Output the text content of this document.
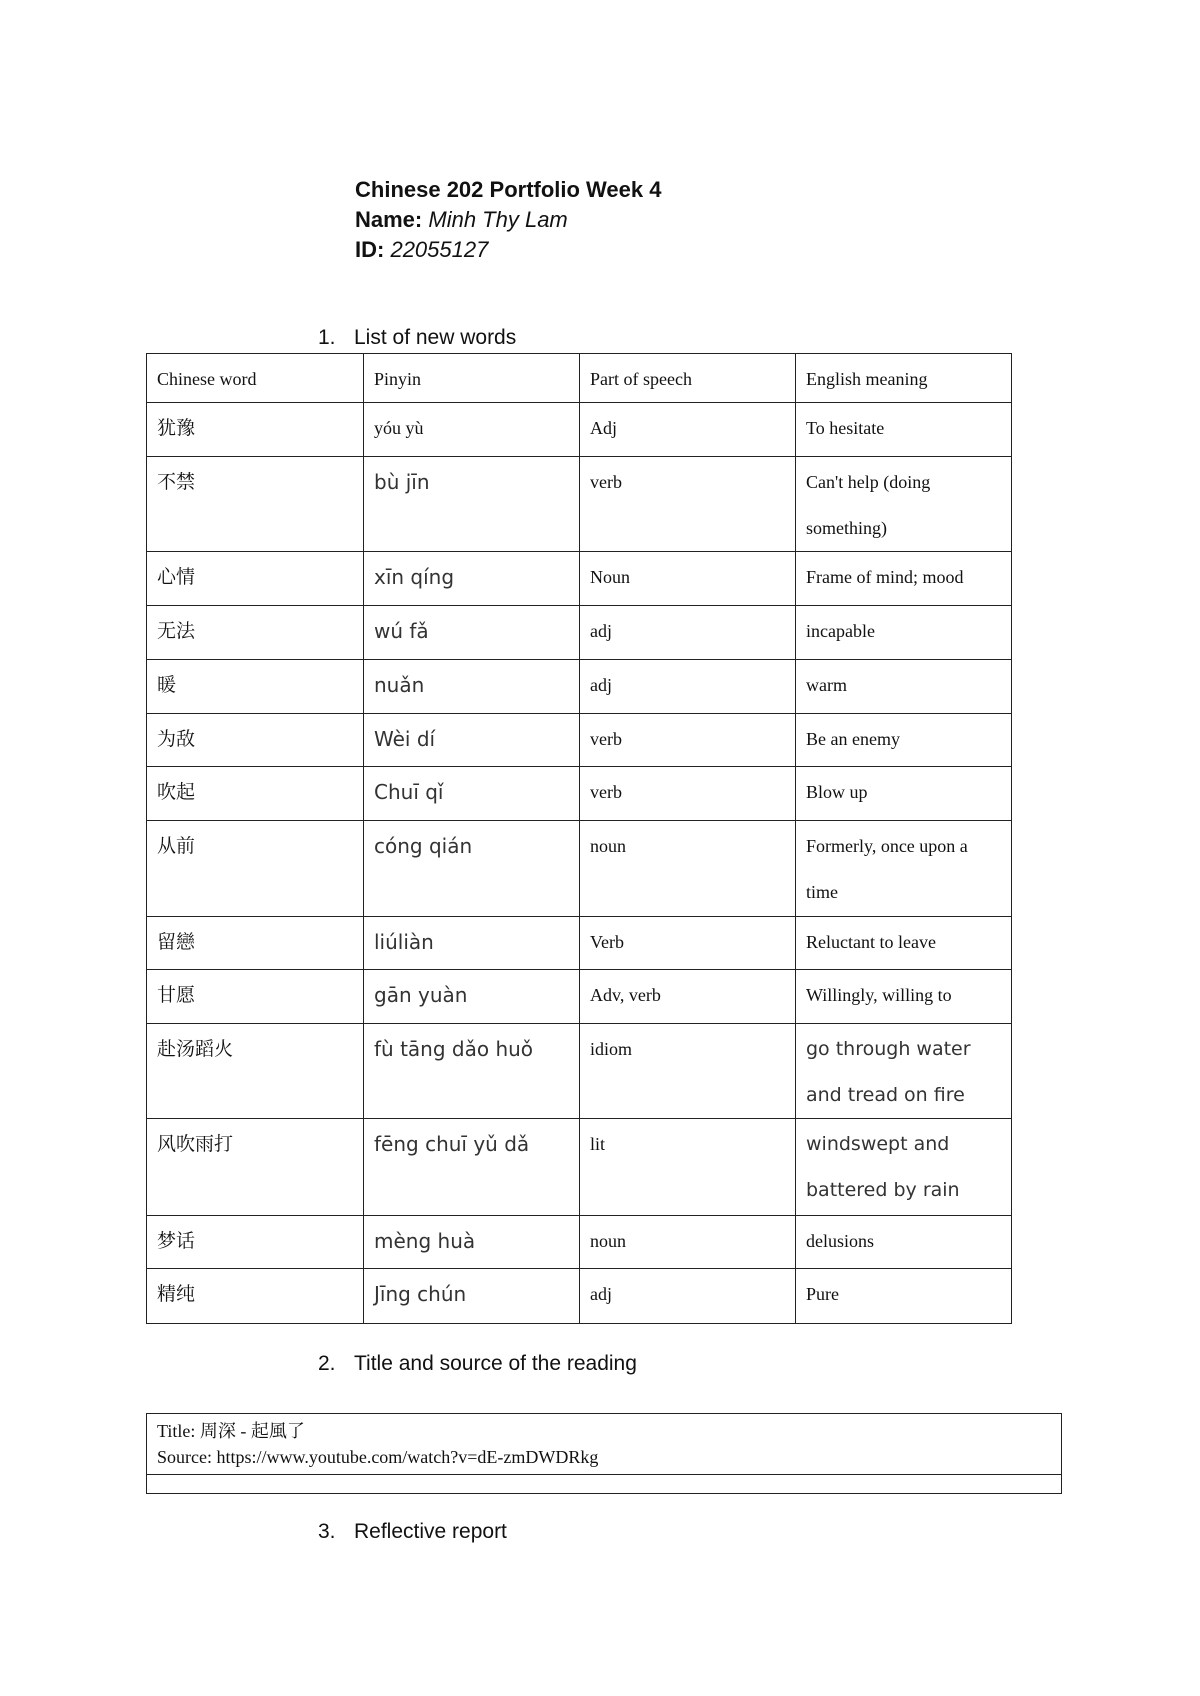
Chinese 202 Portfolio Week 4
Name: Minh Thy Lam
ID: 22055127
1. List of new words
Chinese word	Pinyin	Part of speech	English meaning
犹豫	yóu yù	Adj	To hesitate
不禁	bù jīn	verb	Can't help (doing something)
心情	xīn qíng	Noun	Frame of mind; mood
无法	wú fǎ	adj	incapable
暖	nuǎn	adj	warm
为敌	Wèi dí	verb	Be an enemy
吹起	Chuī qǐ	verb	Blow up
从前	cóng qián	noun	Formerly, once upon a time
留戀	liúliàn	Verb	Reluctant to leave
甘愿	gān yuàn	Adv, verb	Willingly, willing to
赴汤蹈火	fù tāng dǎo huǒ	idiom	go through water and tread on fire
风吹雨打	fēng chuī yǔ dǎ	lit	windswept and battered by rain
梦话	mèng huà	noun	delusions
精纯	Jīng chún	adj	Pure
2. Title and source of the reading
Title: 周深 - 起風了
Source: https://www.youtube.com/watch?v=dE-zmDWDRkg

3. Reflective report
